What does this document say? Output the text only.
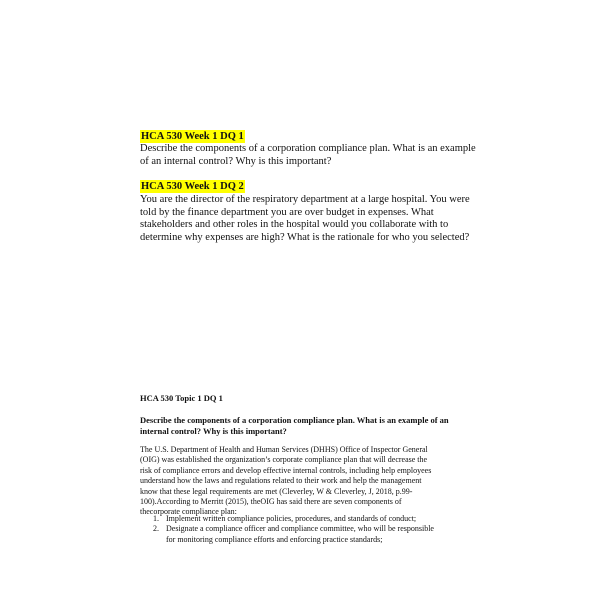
HCA 530 Week 1 DQ 1
Describe the components of a corporation compliance plan. What is an example
of an internal control? Why is this important?
HCA 530 Week 1 DQ 2
You are the director of the respiratory department at a large hospital. You were
told by the finance department you are over budget in expenses. What
stakeholders and other roles in the hospital would you collaborate with to
determine why expenses are high? What is the rationale for who you selected?
HCA 530 Topic 1 DQ 1
Describe the components of a corporation compliance plan. What is an example of an
internal control? Why is this important?
The U.S. Department of Health and Human Services (DHHS) Office of Inspector General
(OIG) was established the organization’s corporate compliance plan that will decrease the
risk of compliance errors and develop effective internal controls, including help employees
understand how the laws and regulations related to their work and help the management
know that these legal requirements are met (Cleverley, W & Cleverley, J, 2018, p.99-
100).According to Merritt (2015), theOIG has said there are seven components of
thecorporate compliance plan:
1. Implement written compliance policies, procedures, and standards of conduct;
2. Designate a compliance officer and compliance committee, who will be responsible
for monitoring compliance efforts and enforcing practice standards;
